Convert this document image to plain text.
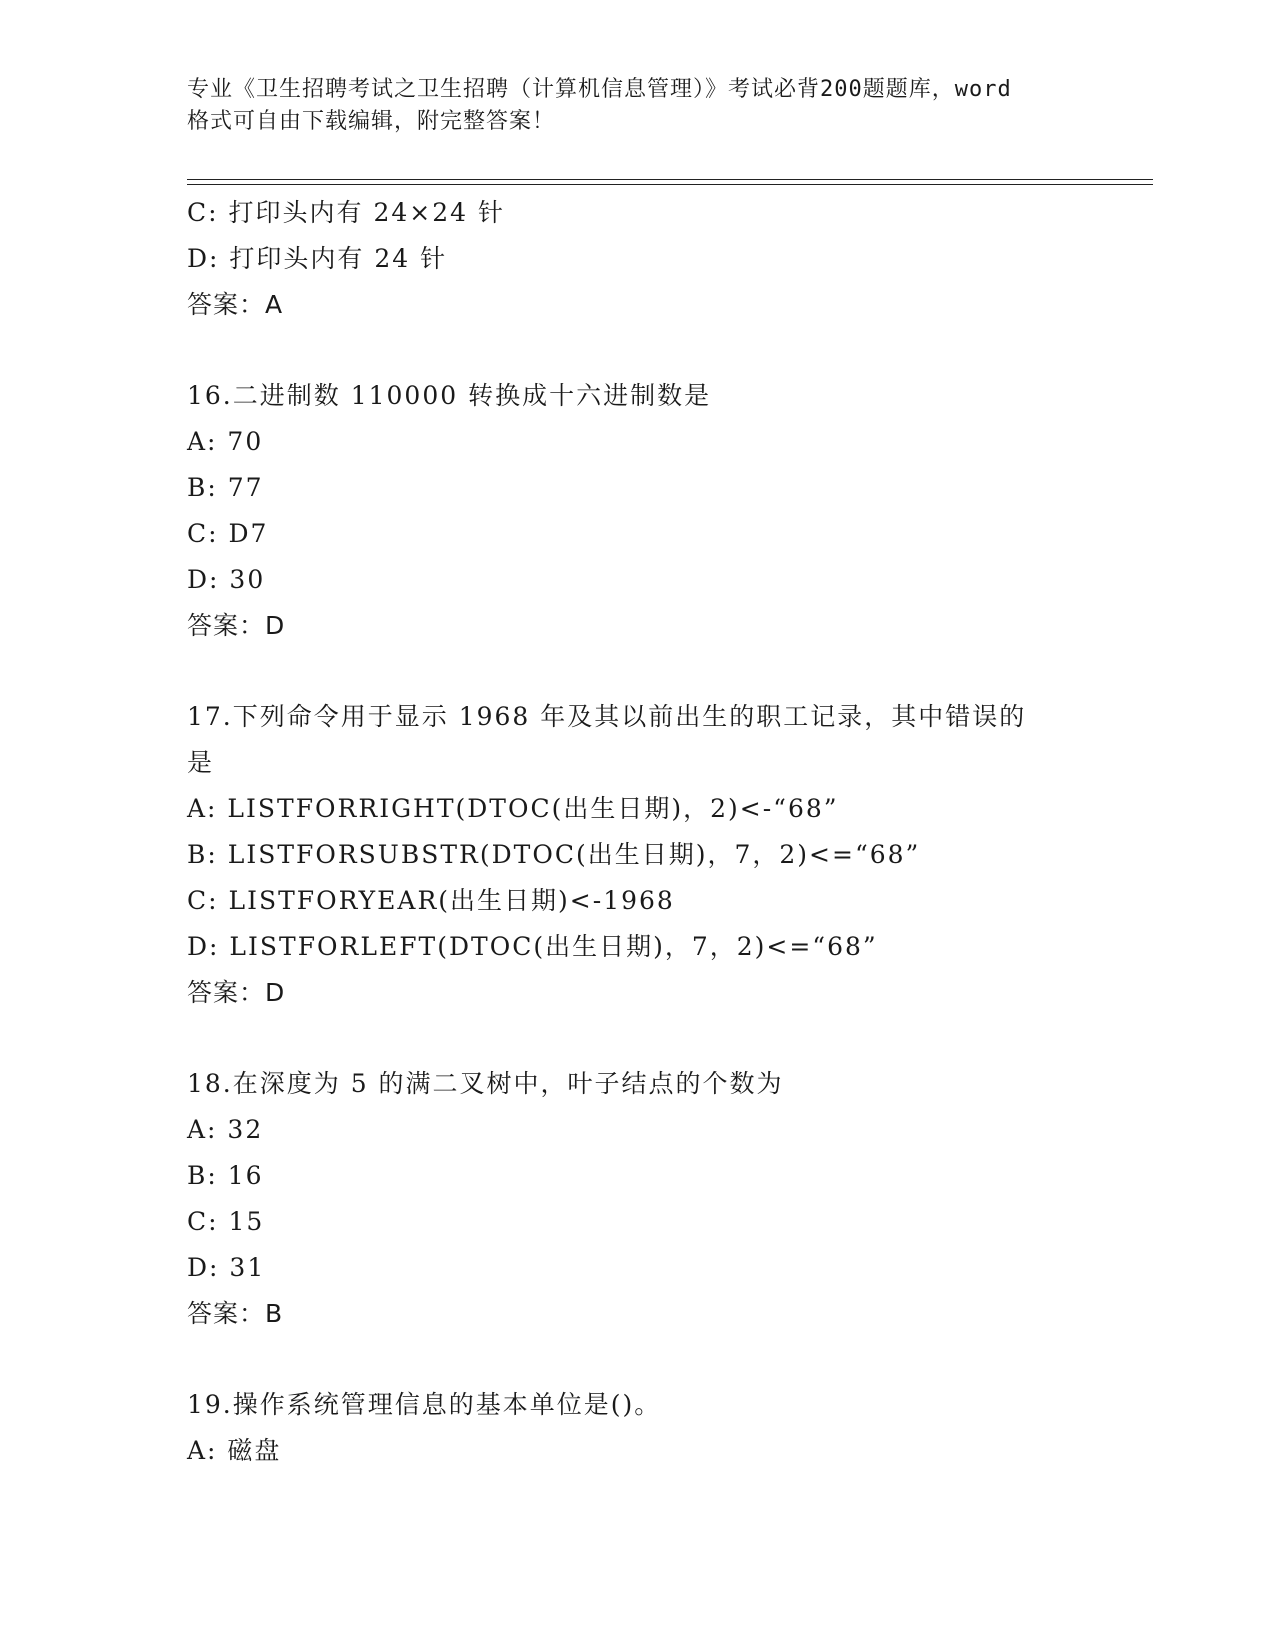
专业《卫生招聘考试之卫生招聘（计算机信息管理）》考试必背200题题库，word
格式可自由下载编辑，附完整答案！
C: 打印头内有 24×24 针
D: 打印头内有 24 针
答案：A
16.二进制数 110000 转换成十六进制数是
A: 70
B: 77
C: D7
D: 30
答案：D
17.下列命令用于显示 1968 年及其以前出生的职工记录，其中错误的
是
A: LISTFORRIGHT(DTOC(出生日期)，2)<-“68”
B: LISTFORSUBSTR(DTOC(出生日期)，7，2)<=“68”
C: LISTFORYEAR(出生日期)<-1968
D: LISTFORLEFT(DTOC(出生日期)，7，2)<=“68”
答案：D
18.在深度为 5 的满二叉树中，叶子结点的个数为
A: 32
B: 16
C: 15
D: 31
答案：B
19.操作系统管理信息的基本单位是()。
A: 磁盘
